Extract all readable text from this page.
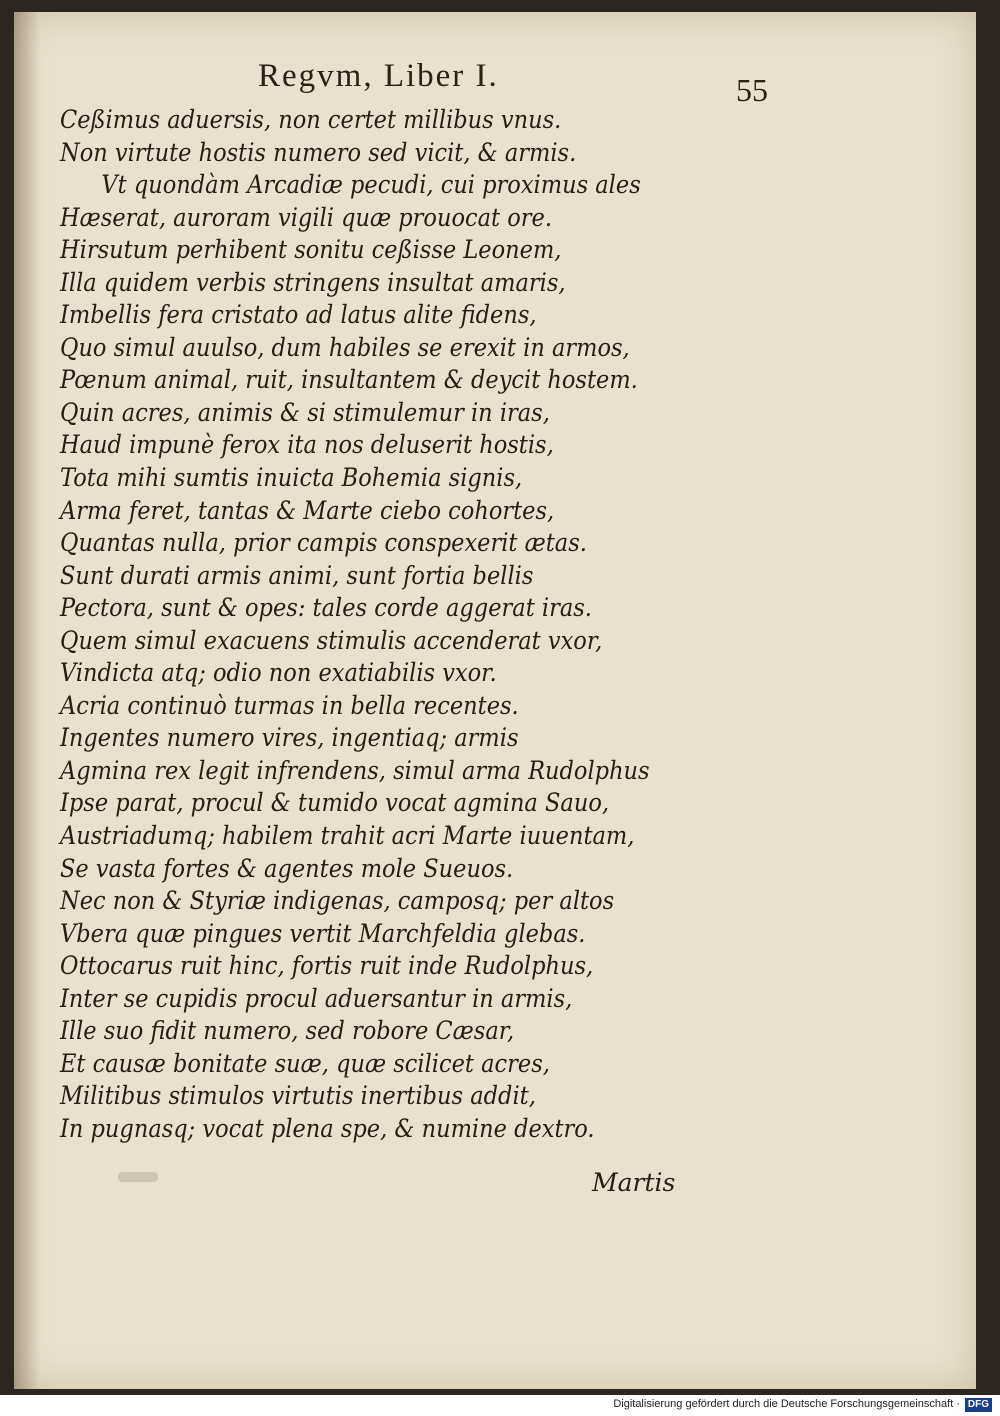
Regvm, Liber I.	55
Ceßimus aduersis, non certet millibus vnus.
Non virtute hostis numero sed vicit, & armis.
Vt quondàm Arcadiæ pecudi, cui proximus ales
Hæserat, auroram vigili quæ prouocat ore.
Hirsutum perhibent sonitu ceßisse Leonem,
Illa quidem verbis stringens insultat amaris,
Imbellis fera cristato ad latus alite fidens,
Quo simul auulso, dum habiles se erexit in armos,
Pœnum animal, ruit, insultantem & deycit hostem.
Quin acres, animis & si stimulemur in iras,
Haud impunè ferox ita nos deluserit hostis,
Tota mihi sumtis inuicta Bohemia signis,
Arma feret, tantas & Marte ciebo cohortes,
Quantas nulla, prior campis conspexerit ætas.
Sunt durati armis animi, sunt fortia bellis
Pectora, sunt & opes: tales corde aggerat iras.
Quem simul exacuens stimulis accenderat vxor,
Vindicta atq; odio non exatiabilis vxor.
Acria continuò turmas in bella recentes.
Ingentes numero vires, ingentiaq; armis
Agmina rex legit infrendens, simul arma Rudolphus
Ipse parat, procul & tumido vocat agmina Sauo,
Austriadumq; habilem trahit acri Marte iuuentam,
Se vasta fortes & agentes mole Sueuos.
Nec non & Styriæ indigenas, camposq; per altos
Vbera quæ pingues vertit Marchfeldia glebas.
Ottocarus ruit hinc, fortis ruit inde Rudolphus,
Inter se cupidis procul aduersantur in armis,
Ille suo fidit numero, sed robore Cæsar,
Et causæ bonitate suæ, quæ scilicet acres,
Militibus stimulos virtutis inertibus addit,
In pugnasq; vocat plena spe, & numine dextro.
Martis
Digitalisierung gefördert durch die Deutsche Forschungsgemeinschaft · DFG
